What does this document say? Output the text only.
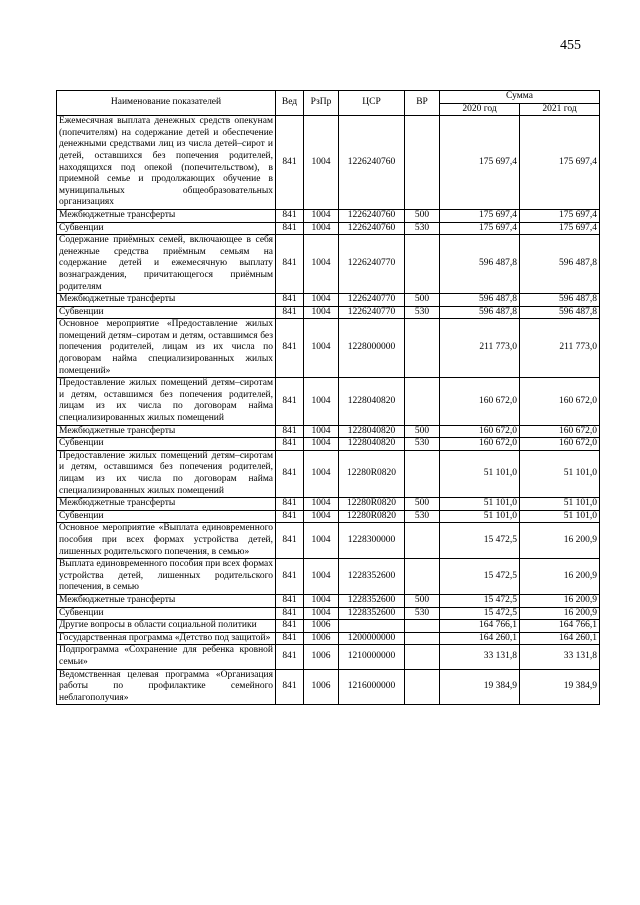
455
Наименование показателей	Вед	РзПр	ЦСР	ВР	Сумма	
					2020 год	2021 год
Ежемесячная выплата денежных средств опекунам (попечителям) на содержание детей и обеспечение денежными средствами лиц из числа детей–сирот и детей, оставшихся без попечения родителей, находящихся под опекой (попечительством), в приемной семье и продолжающих обучение в муниципальных общеобразовательных организациях	841	1004	1226240760		175 697,4	175 697,4
Межбюджетные трансферты	841	1004	1226240760	500	175 697,4	175 697,4
Субвенции	841	1004	1226240760	530	175 697,4	175 697,4
Содержание приёмных семей, включающее в себя денежные средства приёмным семьям на содержание детей и ежемесячную выплату вознаграждения, причитающегося приёмным родителям	841	1004	1226240770		596 487,8	596 487,8
Межбюджетные трансферты	841	1004	1226240770	500	596 487,8	596 487,8
Субвенции	841	1004	1226240770	530	596 487,8	596 487,8
Основное мероприятие «Предоставление жилых помещений детям–сиротам и детям, оставшимся без попечения родителей, лицам из их числа по договорам найма специализированных жилых помещений»	841	1004	1228000000		211 773,0	211 773,0
Предоставление жилых помещений детям–сиротам и детям, оставшимся без попечения родителей, лицам из их числа по договорам найма специализированных жилых помещений	841	1004	1228040820		160 672,0	160 672,0
Межбюджетные трансферты	841	1004	1228040820	500	160 672,0	160 672,0
Субвенции	841	1004	1228040820	530	160 672,0	160 672,0
Предоставление жилых помещений детям–сиротам и детям, оставшимся без попечения родителей, лицам из их числа по договорам найма специализированных жилых помещений	841	1004	12280R0820		51 101,0	51 101,0
Межбюджетные трансферты	841	1004	12280R0820	500	51 101,0	51 101,0
Субвенции	841	1004	12280R0820	530	51 101,0	51 101,0
Основное мероприятие «Выплата единовременного пособия при всех формах устройства детей, лишенных родительского попечения, в семью»	841	1004	1228300000		15 472,5	16 200,9
Выплата единовременного пособия при всех формах устройства детей, лишенных родительского попечения, в семью	841	1004	1228352600		15 472,5	16 200,9
Межбюджетные трансферты	841	1004	1228352600	500	15 472,5	16 200,9
Субвенции	841	1004	1228352600	530	15 472,5	16 200,9
Другие вопросы в области социальной политики	841	1006			164 766,1	164 766,1
Государственная программа «Детство под защитой»	841	1006	1200000000		164 260,1	164 260,1
Подпрограмма «Сохранение для ребенка кровной семьи»	841	1006	1210000000		33 131,8	33 131,8
Ведомственная целевая программа «Организация работы по профилактике семейного неблагополучия»	841	1006	1216000000		19 384,9	19 384,9
